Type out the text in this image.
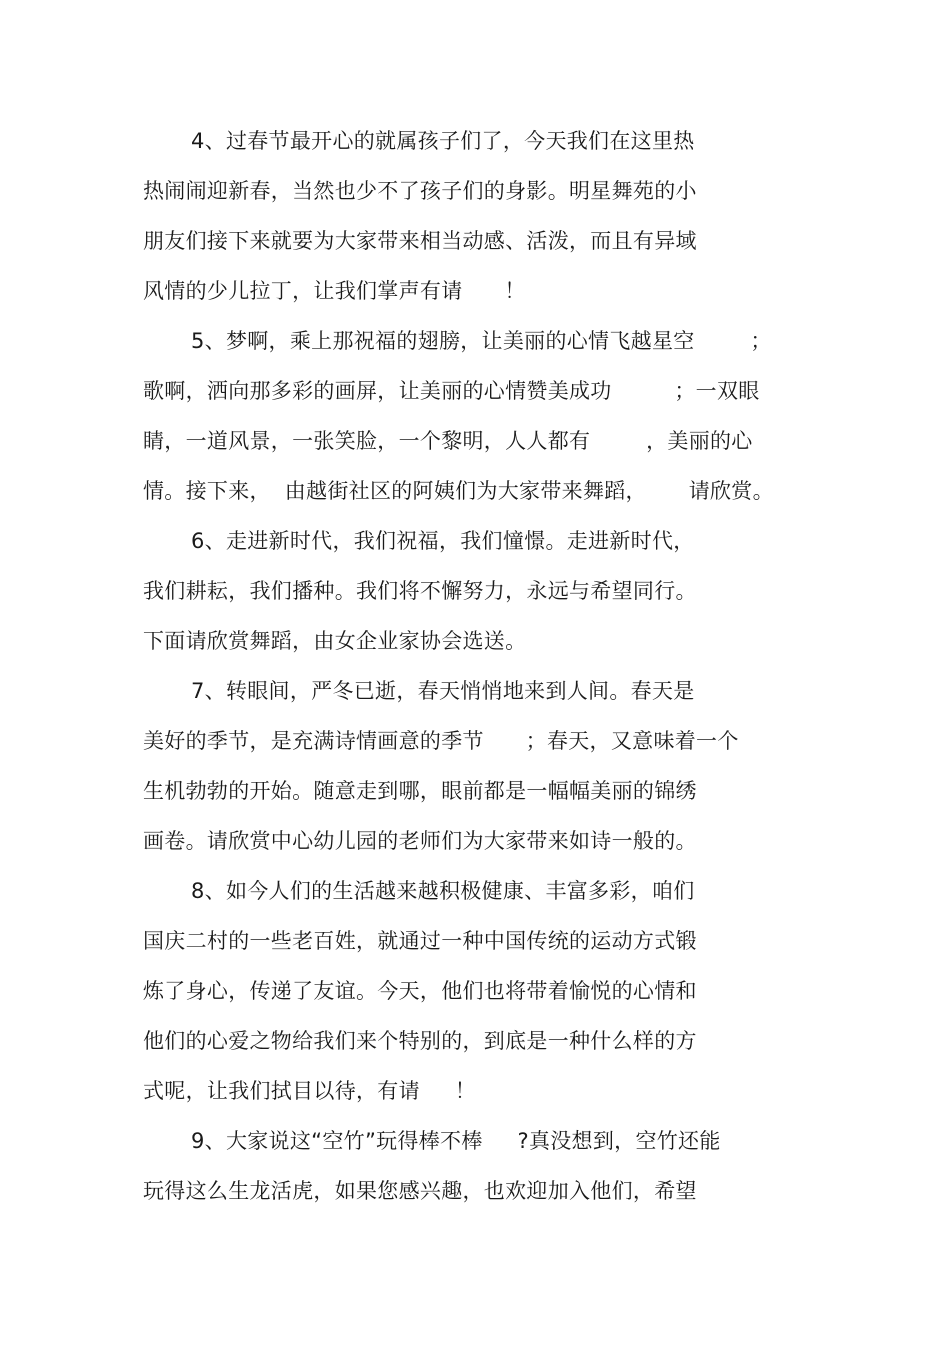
4、过春节最开心的就属孩子们了，今天我们在这里热
热闹闹迎新春，当然也少不了孩子们的身影。明星舞苑的小
朋友们接下来就要为大家带来相当动感、活泼，而且有异域
风情的少儿拉丁，让我们掌声有请      ！
5、梦啊，乘上那祝福的翅膀，让美丽的心情飞越星空        ；
歌啊，洒向那多彩的画屏，让美丽的心情赞美成功         ；一双眼
睛，一道风景，一张笑脸，一个黎明，人人都有        ，美丽的心
情。接下来，  由越街社区的阿姨们为大家带来舞蹈，      请欣赏。
6、走进新时代，我们祝福，我们憧憬。走进新时代，
我们耕耘，我们播种。我们将不懈努力，永远与希望同行。
下面请欣赏舞蹈，由女企业家协会选送。
7、转眼间，严冬已逝，春天悄悄地来到人间。春天是
美好的季节，是充满诗情画意的季节      ；春天，又意味着一个
生机勃勃的开始。随意走到哪，眼前都是一幅幅美丽的锦绣
画卷。请欣赏中心幼儿园的老师们为大家带来如诗一般的。
8、如今人们的生活越来越积极健康、丰富多彩，咱们
国庆二村的一些老百姓，就通过一种中国传统的运动方式锻
炼了身心，传递了友谊。今天，他们也将带着愉悦的心情和
他们的心爱之物给我们来个特别的，到底是一种什么样的方
式呢，让我们拭目以待，有请     ！
9、大家说这“空竹”玩得棒不棒     ?真没想到，空竹还能
玩得这么生龙活虎，如果您感兴趣，也欢迎加入他们，希望
